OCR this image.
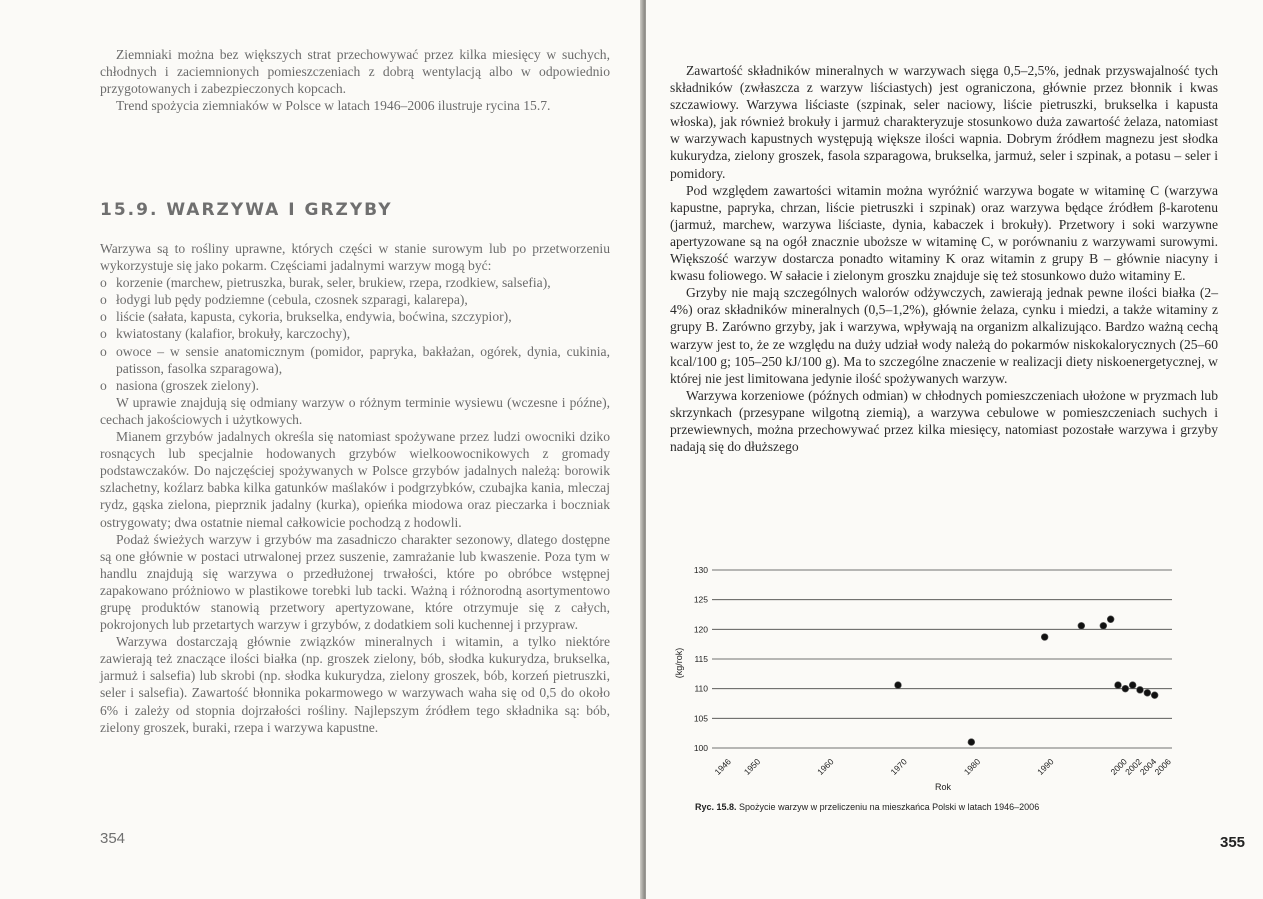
Ziemniaki można bez większych strat przechowywać przez kilka miesięcy w suchych, chłodnych i zaciemnionych pomieszczeniach z dobrą wentylacją albo w odpowiednio przygotowanych i zabezpieczonych kopcach.

Trend spożycia ziemniaków w Polsce w latach 1946–2006 ilustruje rycina 15.7.

15.9. WARZYWA I GRZYBY

Warzywa są to rośliny uprawne, których części w stanie surowym lub po przetworzeniu wykorzystuje się jako pokarm. Częściami jadalnymi warzyw mogą być:

o korzenie (marchew, pietruszka, burak, seler, brukiew, rzepa, rzodkiew, salsefia),
o łodygi lub pędy podziemne (cebula, czosnek szparagi, kalarepa),
o liście (sałata, kapusta, cykoria, brukselka, endywia, boćwina, szczypior),
o kwiatostany (kalafior, brokuły, karczochy),
o owoce – w sensie anatomicznym (pomidor, papryka, bakłażan, ogórek, dynia, cukinia, patisson, fasolka szparagowa),
o nasiona (groszek zielony).

W uprawie znajdują się odmiany warzyw o różnym terminie wysiewu (wczesne i późne), cechach jakościowych i użytkowych.

Mianem grzybów jadalnych określa się natomiast spożywane przez ludzi owocniki dziko rosnących lub specjalnie hodowanych grzybów wielkoowocnikowych z gromady podstawczaków. Do najczęściej spożywanych w Polsce grzybów jadalnych należą: borowik szlachetny, koźlarz babka kilka gatunków maślaków i podgrzybków, czubajka kania, mleczaj rydz, gąska zielona, pieprznik jadalny (kurka), opieńka miodowa oraz pieczarka i boczniak ostrygowaty; dwa ostatnie niemal całkowicie pochodzą z hodowli.

Podaż świeżych warzyw i grzybów ma zasadniczo charakter sezonowy, dlatego dostępne są one głównie w postaci utrwalonej przez suszenie, zamrażanie lub kwaszenie. Poza tym w handlu znajdują się warzywa o przedłużonej trwałości, które po obróbce wstępnej zapakowano próżniowo w plastikowe torebki lub tacki. Ważną i różnorodną asortymentowo grupę produktów stanowią przetwory apertyzowane, które otrzymuje się z całych, pokrojonych lub przetartych warzyw i grzybów, z dodatkiem soli kuchennej i przypraw.

Warzywa dostarczają głównie związków mineralnych i witamin, a tylko niektóre zawierają też znaczące ilości białka (np. groszek zielony, bób, słodka kukurydza, brukselka, jarmuż i salsefia) lub skrobi (np. słodka kukurydza, zielony groszek, bób, korzeń pietruszki, seler i salsefia). Zawartość błonnika pokarmowego w warzywach waha się od 0,5 do około 6% i zależy od stopnia dojrzałości rośliny. Najlepszym źródłem tego składnika są: bób, zielony groszek, buraki, rzepa i warzywa kapustne.

354

Zawartość składników mineralnych w warzywach sięga 0,5–2,5%, jednak przyswajalność tych składników (zwłaszcza z warzyw liściastych) jest ograniczona, głównie przez błonnik i kwas szczawiowy. Warzywa liściaste (szpinak, seler naciowy, liście pietruszki, brukselka i kapusta włoska), jak również brokuły i jarmuż charakteryzuje stosunkowo duża zawartość żelaza, natomiast w warzywach kapustnych występują większe ilości wapnia. Dobrym źródłem magnezu jest słodka kukurydza, zielony groszek, fasola szparagowa, brukselka, jarmuż, seler i szpinak, a potasu – seler i pomidory.

Pod względem zawartości witamin można wyróżnić warzywa bogate w witaminę C (warzywa kapustne, papryka, chrzan, liście pietruszki i szpinak) oraz warzywa będące źródłem β-karotenu (jarmuż, marchew, warzywa liściaste, dynia, kabaczek i brokuły). Przetwory i soki warzywne apertyzowane są na ogół znacznie uboższe w witaminę C, w porównaniu z warzywami surowymi. Większość warzyw dostarcza ponadto witaminy K oraz witamin z grupy B – głównie niacyny i kwasu foliowego. W sałacie i zielonym groszku znajduje się też stosunkowo dużo witaminy E.

Grzyby nie mają szczególnych walorów odżywczych, zawierają jednak pewne ilości białka (2–4%) oraz składników mineralnych (0,5–1,2%), głównie żelaza, cynku i miedzi, a także witaminy z grupy B. Zarówno grzyby, jak i warzywa, wpływają na organizm alkalizująco. Bardzo ważną cechą warzyw jest to, że ze względu na duży udział wody należą do pokarmów niskokalorycznych (25–60 kcal/100 g; 105–250 kJ/100 g). Ma to szczególne znaczenie w realizacji diety niskoenergetycznej, w której nie jest limitowana jedynie ilość spożywanych warzyw.

Warzywa korzeniowe (późnych odmian) w chłodnych pomieszczeniach ułożone w pryzmach lub skrzynkach (przesypane wilgotną ziemią), a warzywa cebulowe w pomieszczeniach suchych i przewiewnych, można przechowywać przez kilka miesięcy, natomiast pozostałe warzywa i grzyby nadają się do dłuższego

100
105
110
115
120
125
130
1946 1950	1960	1970	1980	1990	2000
2002
2004
2006
(kg/rok)
Rok
Ryc. 15.8. Spożycie warzyw w przeliczeniu na mieszkańca Polski w latach 1946–2006
355
